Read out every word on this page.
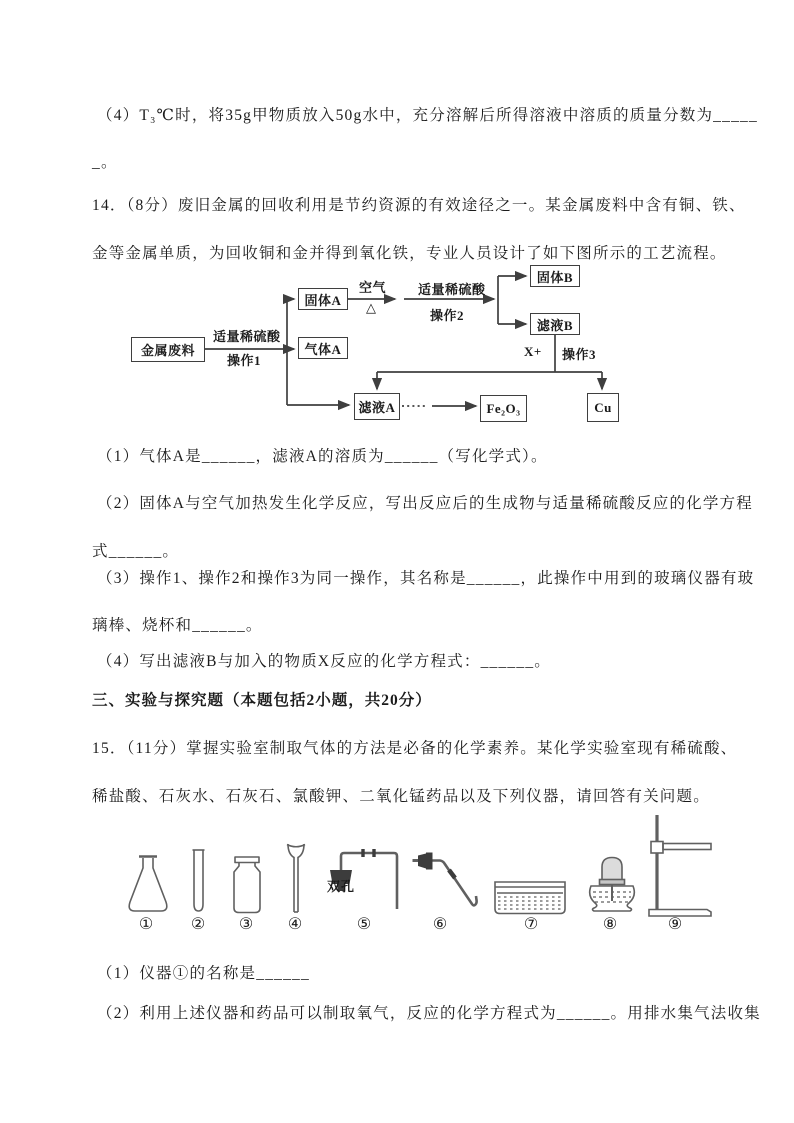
（4）T₃℃时，将35g甲物质放入50g水中，充分溶解后所得溶液中溶质的质量分数为_____
_。
14．（8分）废旧金属的回收利用是节约资源的有效途径之一。某金属废料中含有铜、铁、
金等金属单质，为回收铜和金并得到氧化铁，专业人员设计了如下图所示的工艺流程。
金属废料
固体A
气体A
固体B
滤液B
滤液A	Fe₂O₃	Cu
适量稀硫酸
操作1
空气
△
适量稀硫酸
操作2
X+ 操作3
（1）气体A是______，滤液A的溶质为______（写化学式）。
（2）固体A与空气加热发生化学反应，写出反应后的生成物与适量稀硫酸反应的化学方程
式______。
（3）操作1、操作2和操作3为同一操作，其名称是______，此操作中用到的玻璃仪器有玻
璃棒、烧杯和______。
（4）写出滤液B与加入的物质X反应的化学方程式：______。
三、实验与探究题（本题包括2小题，共20分）
15．（11分）掌握实验室制取气体的方法是必备的化学素养。某化学实验室现有稀硫酸、
稀盐酸、石灰水、石灰石、氯酸钾、二氧化锰药品以及下列仪器，请回答有关问题。
双孔
①	②	③	④	⑤	⑥	⑦	⑧	⑨
（1）仪器①的名称是______
（2）利用上述仪器和药品可以制取氧气，反应的化学方程式为______。用排水集气法收集
